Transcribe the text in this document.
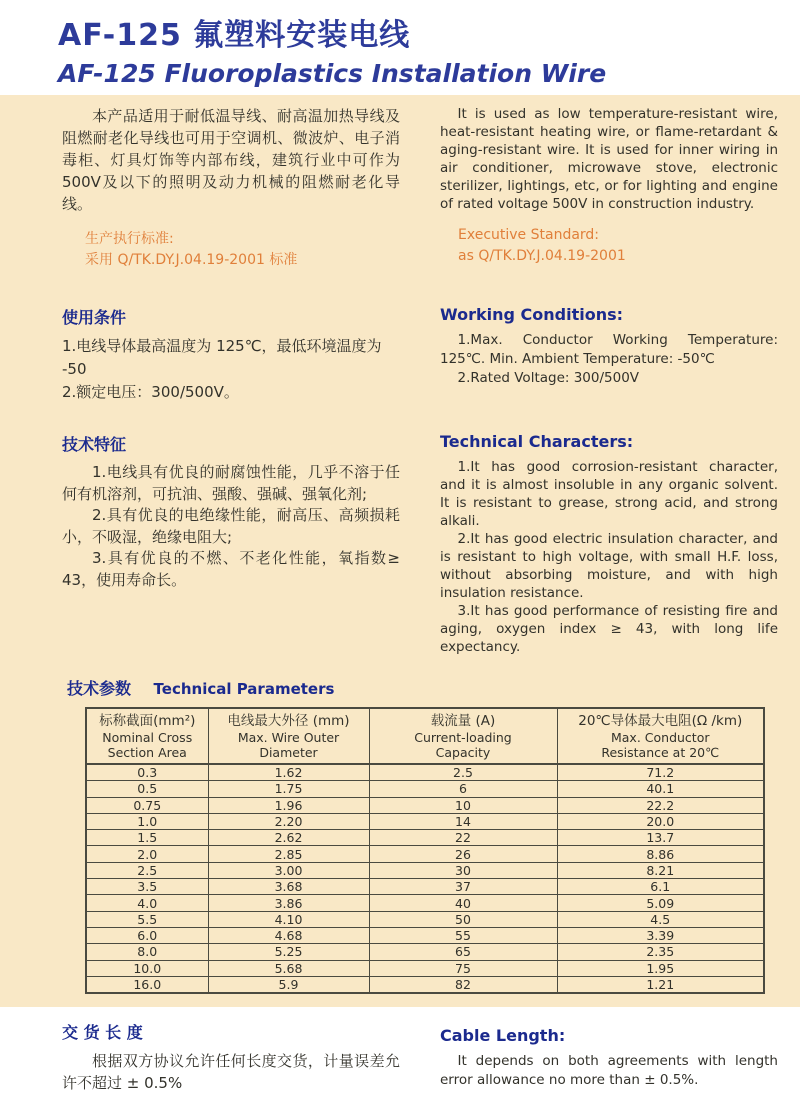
AF-125 氟塑料安装电线
AF-125 Fluoroplastics Installation Wire

本产品适用于耐低温导线、耐高温加热导线及阻燃耐老化导线也可用于空调机、微波炉、电子消毒柜、灯具灯饰等内部布线，建筑行业中可作为500V及以下的照明及动力机械的阻燃耐老化导线。

生产执行标准:

采用 Q/TK.DY.J.04.19-2001 标准

It is used as low temperature-resistant wire, heat-resistant heating wire, or flame-retardant & aging-resistant wire. It is used for inner wiring in air conditioner, microwave stove, electronic sterilizer, lightings, etc, or for lighting and engine of rated voltage 500V in construction industry.

Executive Standard:

as Q/TK.DY.J.04.19-2001

使用条件

1.电线导体最高温度为 125℃，最低环境温度为 -50

2.额定电压：300/500V。

Working Conditions:

1.Max. Conductor Working Temperature: 125℃. Min. Ambient Temperature: -50℃

2.Rated Voltage: 300/500V

技术特征

1.电线具有优良的耐腐蚀性能，几乎不溶于任何有机溶剂，可抗油、强酸、强碱、强氧化剂;

2.具有优良的电绝缘性能，耐高压、高频损耗小，不吸湿，绝缘电阻大;

3.具有优良的不燃、不老化性能，氧指数≥ 43，使用寿命长。

Technical Characters:

1.It has good corrosion-resistant character, and it is almost insoluble in any organic solvent. It is resistant to grease, strong acid, and strong alkali.

2.It has good electric insulation character, and is resistant to high voltage, with small H.F. loss, without absorbing moisture, and with high insulation resistance.

3.It has good performance of resisting fire and aging, oxygen index ≥ 43, with long life expectancy.

技术参数 Technical Parameters
标称截面(mm²)
Nominal Cross
Section Area

电线最大外径 (mm)
Max. Wire Outer
Diameter

载流量 (A)
Current-loading
Capacity

20℃导体最大电阻(Ω /km)
Max. Conductor
Resistance at 20℃

0.3	1.62	2.5	71.2
0.5	1.75	6	40.1
0.75	1.96	10	22.2
1.0	2.20	14	20.0
1.5	2.62	22	13.7
2.0	2.85	26	8.86
2.5	3.00	30	8.21
3.5	3.68	37	6.1
4.0	3.86	40	5.09
5.5	4.10	50	4.5
6.0	4.68	55	3.39
8.0	5.25	65	2.35
10.0	5.68	75	1.95
16.0	5.9	82	1.21
交 货 长 度

根据双方协议允许任何长度交货，计量误差允许不超过 ± 0.5%

Cable Length:

It depends on both agreements with length error allowance no more than ± 0.5%.
